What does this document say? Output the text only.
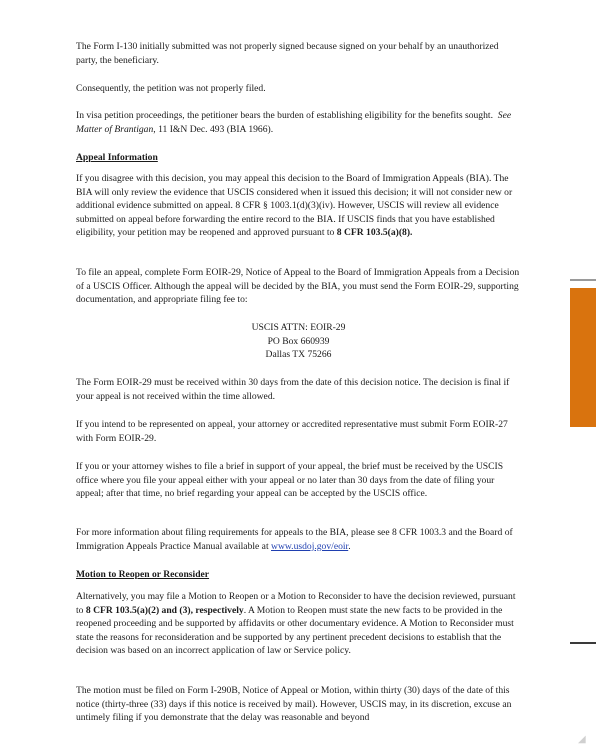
The Form I-130 initially submitted was not properly signed because signed on your behalf by an unauthorized party, the beneficiary.

Consequently, the petition was not properly filed.

In visa petition proceedings, the petitioner bears the burden of establishing eligibility for the benefits sought. See Matter of Brantigan, 11 I&N Dec. 493 (BIA 1966).

Appeal Information

If you disagree with this decision, you may appeal this decision to the Board of Immigration Appeals (BIA). The BIA will only review the evidence that USCIS considered when it issued this decision; it will not consider new or additional evidence submitted on appeal. 8 CFR § 1003.1(d)(3)(iv). However, USCIS will review all evidence submitted on appeal before forwarding the entire record to the BIA. If USCIS finds that you have established eligibility, your petition may be reopened and approved pursuant to 8 CFR 103.5(a)(8).

To file an appeal, complete Form EOIR-29, Notice of Appeal to the Board of Immigration Appeals from a Decision of a USCIS Officer. Although the appeal will be decided by the BIA, you must send the Form EOIR-29, supporting documentation, and appropriate filing fee to:

USCIS ATTN: EOIR-29
PO Box 660939
Dallas TX 75266

The Form EOIR-29 must be received within 30 days from the date of this decision notice. The decision is final if your appeal is not received within the time allowed.

If you intend to be represented on appeal, your attorney or accredited representative must submit Form EOIR-27 with Form EOIR-29.

If you or your attorney wishes to file a brief in support of your appeal, the brief must be received by the USCIS office where you file your appeal either with your appeal or no later than 30 days from the date of filing your appeal; after that time, no brief regarding your appeal can be accepted by the USCIS office.

For more information about filing requirements for appeals to the BIA, please see 8 CFR 1003.3 and the Board of Immigration Appeals Practice Manual available at www.usdoj.gov/eoir.

Motion to Reopen or Reconsider

Alternatively, you may file a Motion to Reopen or a Motion to Reconsider to have the decision reviewed, pursuant to 8 CFR 103.5(a)(2) and (3), respectively. A Motion to Reopen must state the new facts to be provided in the reopened proceeding and be supported by affidavits or other documentary evidence. A Motion to Reconsider must state the reasons for reconsideration and be supported by any pertinent precedent decisions to establish that the decision was based on an incorrect application of law or Service policy.

The motion must be filed on Form I-290B, Notice of Appeal or Motion, within thirty (30) days of the date of this notice (thirty-three (33) days if this notice is received by mail). However, USCIS may, in its discretion, excuse an untimely filing if you demonstrate that the delay was reasonable and beyond

◢
